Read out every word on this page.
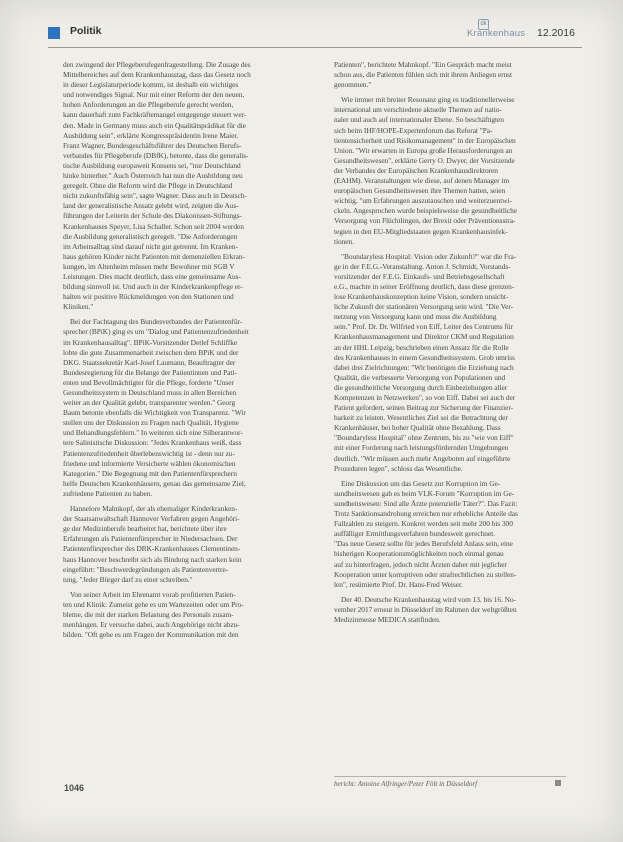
Politik
dk
Krankenhaus 12.2016
den zwingend der Pflegeberufegenfragestellung. Die Zusage des
Mittelbereiches auf dem Krankenhausstag, dass das Gesetz noch
in dieser Legislaturperiode kommt, ist deshalb ein wichtiges
und notwendiges Signal. Nur mit einer Reform der den neuen,
hohen Anforderungen an die Pflegeberufe gerecht werden,
kann dauerhaft zum Fachkräftemangel entgegenge steuert wer-
den. Made in Germany muss auch ein Qualitätsprädikat für die
Ausbildung sein", erklärte Kongresspräsidentin Irene Maier.
Franz Wagner, Bundesgeschäftsführer des Deutschen Berufs-
verbandes für Pflegeberufe (DBfK), betonte, dass die generalis-
tische Ausbildung europaweit Konsens sei, "nur Deutschland
hinke hinterher." Auch Österreich hat nun die Ausbildung neu
geregelt. Ohne die Reform wird die Pflege in Deutschland
nicht zukunftsfähig sein", sagte Wagner. Dass auch in Deutsch-
land der generalistische Ansatz gelebt wird, zeigten die Aus-
führungen der Leiterin der Schule des Diakonissen-Stiftungs-
Krankenhauses Speyer, Lisa Schaller. Schon seit 2004 werden
die Ausbildung generalistisch geregelt. "Die Anforderungen
im Arbeitsalltag sind darauf nicht gut getrennt. Im Kranken-
haus gehören Kinder nicht Patienten mit demenziellen Erkran-
kungen, im Altenheim müssen mehr Bewohner mit SGB V
Leistungen. Dies macht deutlich, dass eine gemeinsame Aus-
bildung sinnvoll ist. Und auch in der Kinderkrankenpflege er-
halten wir positive Rückmeldungen von den Stationen und
Kliniken."
Bei der Fachtagung des Bundesverbandes der Patientenfür-
sprecher (BPiK) ging es um "Dialog und Patientenzufriedenheit
im Krankenhausalltag". BPiK-Vorsitzender Detlef Schliffke
lobte die gute Zusammenarbeit zwischen dem BPiK und der
DKG. Staatssekretär Karl-Josef Laumann, Beauftragter der
Bundesregierung für die Belange der Patientinnen und Pati-
enten und Bevollmächtigter für die Pflege, forderte "Unser
Gesundheitssystem in Deutschland muss in allen Bereichen
weiter an der Qualität gelebt, transparenter werden." Georg
Baum betonte ebenfalls die Wichtigkeit von Transparenz. "Wir
stellen uns der Diskussion zu Fragen nach Qualität, Hygiene
und Behandlungsfehlern." In weiteren sich eine Silberantwor-
tere Salinistische Diskussion: "Jedes Krankenhaus weiß, dass
Patientenzufriedenheit überlebenswichtig ist - denn nur zu-
friedene und informierte Versicherte wählen ökonomischen
Kategorien." Die Begegnung mit den Patientenfürsprechern
helfe Deutschen Krankenhäusern, genau das gemeinsame Ziel,
zufriedene Patienten zu haben.
Hannelore Mahnkopf, der als ehemaliger Kinderkranken-
der Staatsanwaltschaft Hannover Verfahren gegen Angehöri-
ge der Medizinberufe bearbeitet hat, berichtete über ihre
Erfahrungen als Patientenfürsprecher in Niedersachsen. Der
Patientenfürsprecher des DRK-Krankenhauses Clementinen-
haus Hannover beschreibt sich als Bindung nach starken kein
eingeführt: "Beschwerdegründungen als Patientenvertre-
tung, "Jeder Bürger darf zu einer schreiben."
Von seiner Arbeit im Ehrenamt vorab profitierten Patien-
ten und Klinik: Zumeist gehe es um Wartezeiten oder um Pro-
bleme, die mit der starken Belastung des Personals zusam-
menhängen. Er versuche dabei, auch Angehörige nicht abzu-
bilden. "Oft gehe es um Fragen der Kommunikation mit den
Patienten", berichtete Mahnkopf. "Ein Gespräch macht meist
schon aus, die Patienten fühlen sich mit ihrem Anliegen ernst
genommen."
Wie immer mit breiter Resonanz ging es traditionellerweise
international um verschiedene aktuelle Themen auf natio-
naler und auch auf internationaler Ebene. So beschäftigten
sich beim IHF/HOPE-Expertenforum das Referat "Pa-
tientensicherheit und Risikomanagement" in der Europäischen
Union. "Wir erwarten in Europa große Herausforderungen an
Gesundheitswesen", erklärte Gerry O. Dwyer, der Vorsitzende
der Verbandes der Europäischen Krankenhausdirektoren
(EAHM). Veranstaltungen wie diese, auf denen Manager im
europäischen Gesundheitswesen ihre Themen hatten, seien
wichtig, "um Erfahrungen auszutauschen und weiterzuentwi-
ckeln. Angesprochen wurde beispielsweise die gesundheitliche
Versorgung von Flüchtlingen, der Brexit oder Präventionsstra-
tegien in den EU-Mitgliedstaaten gegen Krankenhausinfek-
tionen.
"Boundaryless Hospital: Vision oder Zukunft?" war die Fra-
ge in der F.E.G.-Veranstaltung. Anton J. Schmidt, Vorstands-
vorsitzender der F.E.G. Einkaufs- und Betriebsgesellschaft
e.G., machte in seiner Eröffnung deutlich, dass diese grenzen-
lose Krankenhauskonzeption keine Vision, sondern unsicht-
liche Zukunft der stationären Versorgung sein wird. "Die Ver-
netzung von Versorgung kann und muss die Ausbildung
sein." Prof. Dr. Dr. Wilfried von Eiff, Leiter des Centrums für
Krankenhausmanagement und Direktor CKM und Regulation
an der HHL Leipzig, beschrieben einen Ansatz für die Rolle
des Krankenhauses in einem Gesundheitssystem. Grob umriss
dabei drei Zielrichtungen: "Wir benötigen die Erziehung nach
Qualität, die verbesserte Versorgung von Populationen und
die gesundheitliche Versorgung durch Einbeziehungen aller
Kompetenzen in Netzwerken", so von Eiff. Dabei sei auch der
Patient gefordert, seinen Beitrag zur Sicherung der Finanzier-
barkeit zu leisten. Wesentliches Ziel sei die Betrachtung der
Krankenhäuser, bei hoher Qualität ohne Bezahlung. Dass
"Boundaryless Hospital" ohne Zentrum, bis zu "wie von Eiff"
mit einer Forderung nach leistungsfördernden Umgebungen
deutlich. "Wir müssen auch mehr Angeboten auf eingeführte
Prozeduren legen", schloss das Wesentliche.
Eine Diskussion um das Gesetz zur Korruption im Ge-
sundheitswesen gab es beim VLK-Forum "Korruption im Ge-
sundheitswesen: Sind alle Ärzte potenzielle Täter?". Das Fazit:
Trotz Sanktionsandrohung erreichen nur erhebliche Anteile das
Fallzahlen zu steigern. Konkret werden seit mehr 200 bis 300
auffälliger Ermittlungsverfahren bundesweit gerechnet.
"Das neue Gesetz sollte für jedes Berufsfeld Anlass sein, eine
bisherigen Kooperationsmöglichkeiten noch einmal genau
auf zu hinterfragen, jedoch nicht Ärzten daher mit jeglicher
Kooperation unter korruptiven oder strafrechtlichen zu stellen-
len", resümierte Prof. Dr. Hans-Fred Weiser.
Der 40. Deutsche Krankenhaustag wird vom 13. bis 16. No-
vember 2017 erneut in Düsseldorf im Rahmen der weltgrößten
Medizinmesse MEDICA stattfinden.
bericht: Antoine Alfringer/Peter Fölt in Düsseldorf
1046
